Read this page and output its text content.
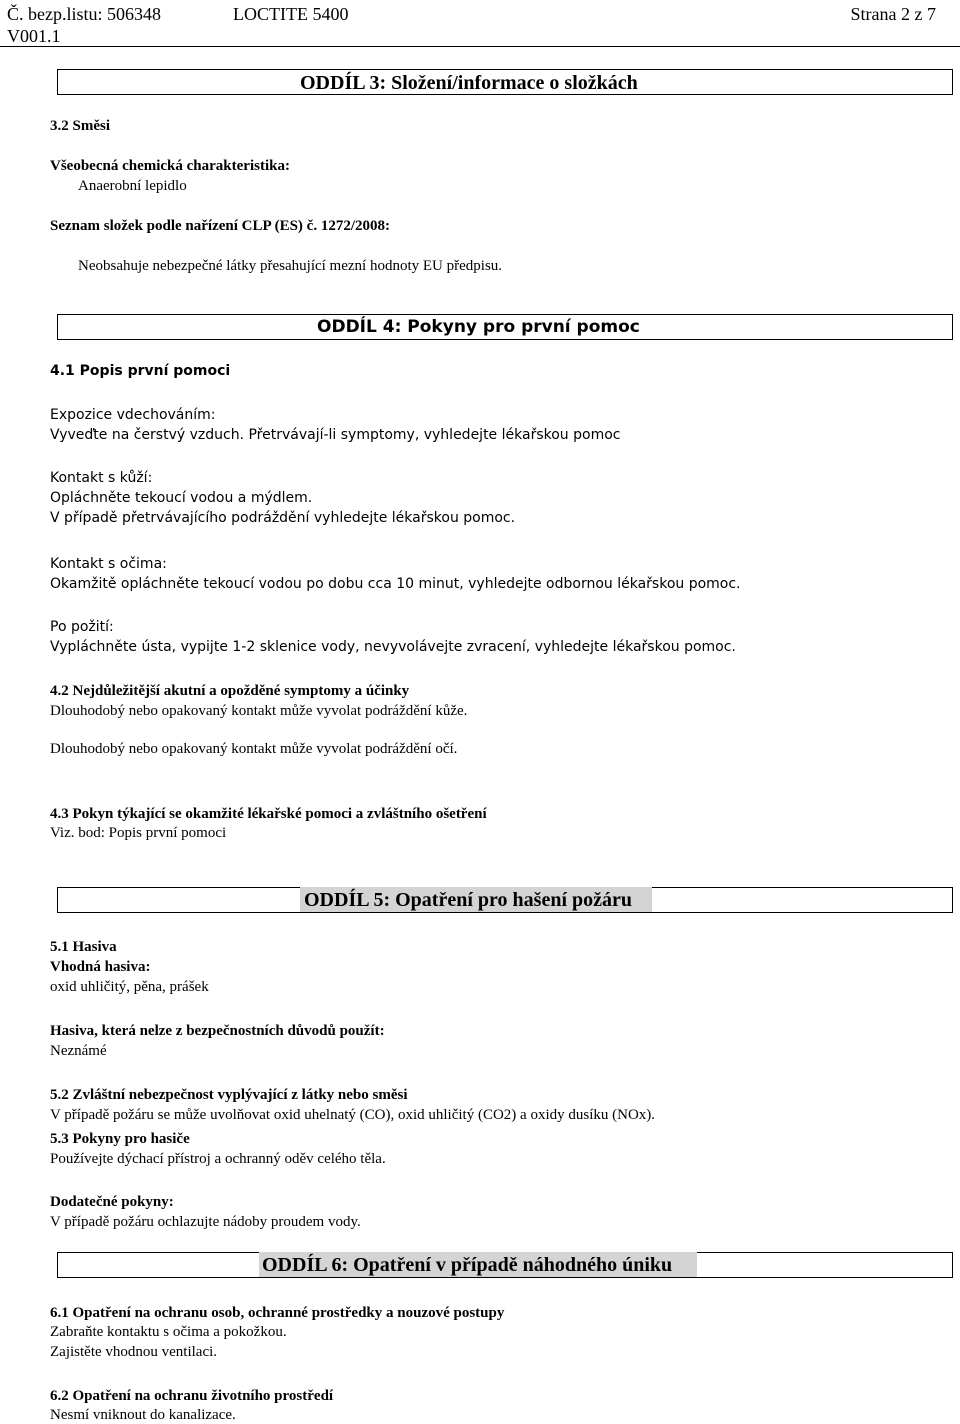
Č. bezp.listu: 506348	LOCTITE 5400	Strana 2 z 7
V001.1
ODDÍL 3: Složení/informace o složkách
3.2 Směsi
Všeobecná chemická charakteristika:
Anaerobní lepidlo
Seznam složek podle nařízení CLP (ES) č. 1272/2008:
Neobsahuje nebezpečné látky přesahující mezní hodnoty EU předpisu.
ODDÍL 4: Pokyny pro první pomoc
4.1 Popis první pomoci
Expozice vdechováním:
Vyveďte na čerstvý vzduch. Přetrvávají-li symptomy, vyhledejte lékařskou pomoc
Kontakt s kůží:
Opláchněte tekoucí vodou a mýdlem.
V případě přetrvávajícího podráždění vyhledejte lékařskou pomoc.
Kontakt s očima:
Okamžitě opláchněte tekoucí vodou po dobu cca 10 minut, vyhledejte odbornou lékařskou pomoc.
Po požití:
Vypláchněte ústa, vypijte 1-2 sklenice vody, nevyvolávejte zvracení, vyhledejte lékařskou pomoc.
4.2 Nejdůležitější akutní a opožděné symptomy a účinky
Dlouhodobý nebo opakovaný kontakt může vyvolat podráždění kůže.
Dlouhodobý nebo opakovaný kontakt může vyvolat podráždění očí.
4.3 Pokyn týkající se okamžité lékařské pomoci a zvláštního ošetření
Viz. bod: Popis první pomoci
ODDÍL 5: Opatření pro hašení požáru
5.1 Hasiva
Vhodná hasiva:
oxid uhličitý, pěna, prášek
Hasiva, která nelze z bezpečnostních důvodů použít:
Neznámé
5.2 Zvláštní nebezpečnost vyplývající z látky nebo směsi
V případě požáru se může uvolňovat oxid uhelnatý (CO), oxid uhličitý (CO2) a oxidy dusíku (NOx).
5.3 Pokyny pro hasiče
Používejte dýchací přístroj a ochranný oděv celého těla.
Dodatečné pokyny:
V případě požáru ochlazujte nádoby proudem vody.
ODDÍL 6: Opatření v případě náhodného úniku
6.1 Opatření na ochranu osob, ochranné prostředky a nouzové postupy
Zabraňte kontaktu s očima a pokožkou.
Zajistěte vhodnou ventilaci.
6.2 Opatření na ochranu životního prostředí
Nesmí vniknout do kanalizace.
